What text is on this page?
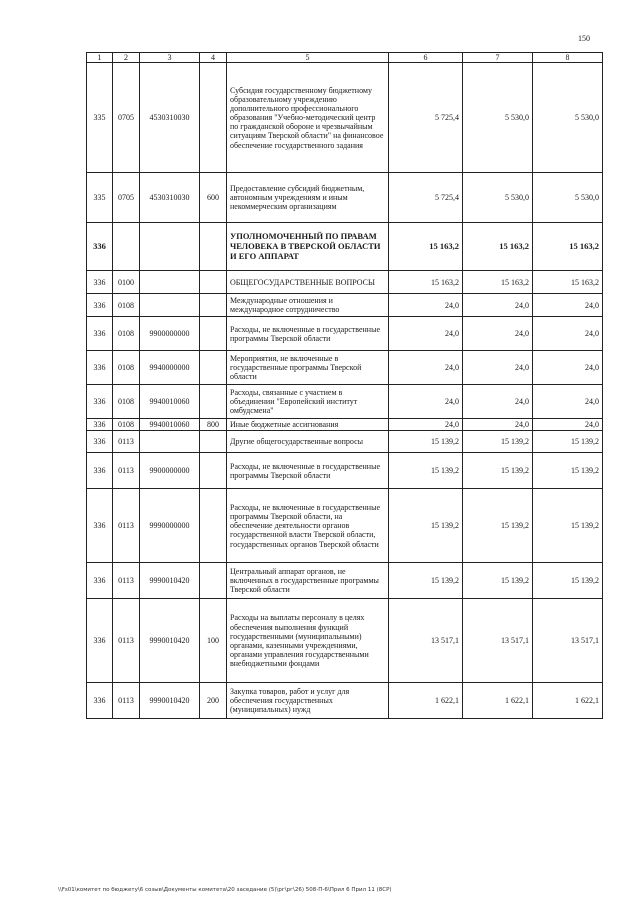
150
1	2	3	4	5	6	7	8
335	0705	4530310030		Субсидия государственному бюджетному образовательному учреждению дополнительного профессионального образования "Учебно-методический центр по гражданской обороне и чрезвычайным ситуациям Тверской области" на финансовое обеспечение государственного задания	5 725,4	5 530,0	5 530,0
335	0705	4530310030	600	Предоставление субсидий бюджетным, автономным учреждениям и иным некоммерческим организациям	5 725,4	5 530,0	5 530,0
336				УПОЛНОМОЧЕННЫЙ ПО ПРАВАМ ЧЕЛОВЕКА В ТВЕРСКОЙ ОБЛАСТИ И ЕГО АППАРАТ	15 163,2	15 163,2	15 163,2
336	0100			ОБЩЕГОСУДАРСТВЕННЫЕ ВОПРОСЫ	15 163,2	15 163,2	15 163,2
336	0108			Международные отношения и международное сотрудничество	24,0	24,0	24,0
336	0108	9900000000		Расходы, не включенные в государственные программы Тверской области	24,0	24,0	24,0
336	0108	9940000000		Мероприятия, не включенные в государственные программы Тверской области	24,0	24,0	24,0
336	0108	9940010060		Расходы, связанные с участием в объединении "Европейский институт омбудсмена"	24,0	24,0	24,0
336	0108	9940010060	800	Иные бюджетные ассигнования	24,0	24,0	24,0
336	0113			Другие общегосударственные вопросы	15 139,2	15 139,2	15 139,2
336	0113	9900000000		Расходы, не включенные в государственные программы Тверской области	15 139,2	15 139,2	15 139,2
336	0113	9990000000		Расходы, не включенные в государственные программы Тверской области, на обеспечение деятельности органов государственной власти Тверской области, государственных органов Тверской области	15 139,2	15 139,2	15 139,2
336	0113	9990010420		Центральный аппарат органов, не включенных в государственные программы Тверской области	15 139,2	15 139,2	15 139,2
336	0113	9990010420	100	Расходы на выплаты персоналу в целях обеспечения выполнения функций государственными (муниципальными) органами, казенными учреждениями, органами управления государственными внебюджетными фондами	13 517,1	13 517,1	13 517,1
336	0113	9990010420	200	Закупка товаров, работ и услуг для обеспечения государственных (муниципальных) нужд	1 622,1	1 622,1	1 622,1
\\Fs01\комитет по бюджету\6 созыв\Документы комитета\20 заседание (5)\рг\рг\26) 508-П-6\Прил 6 Прил 11 (8СР)
